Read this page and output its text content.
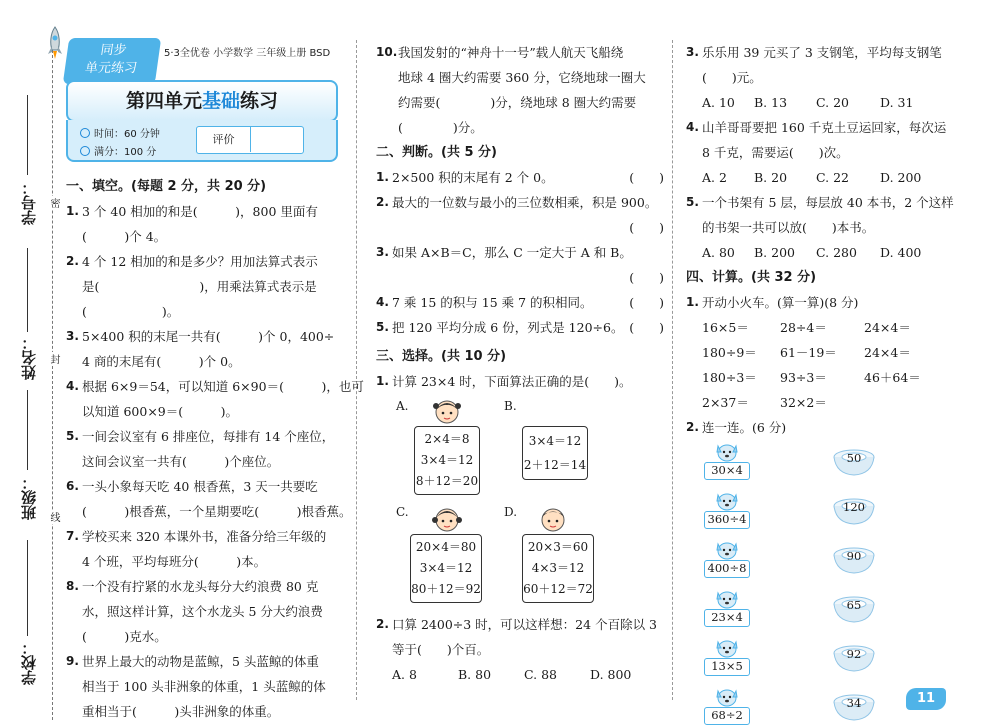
学号：
姓名：
班级：
学校：
密
封
线
同步
单元练习
5·3全优卷 小学数学 三年级上册 BSD
第四单元基础练习
时间：60 分钟
满分：100 分
评价
一、填空。(每题 2 分，共 20 分)
1. 3 个 40 相加的和是(　　　)，800 里面有
(　　　)个 4。
2. 4 个 12 相加的和是多少？用加法算式表示
是(　　　　　　　　)，用乘法算式表示是
(　　　　　　)。
3. 5×400 积的末尾一共有(　　　)个 0，400÷
4 商的末尾有(　　　)个 0。
4. 根据 6×9＝54，可以知道 6×90＝(　　　)，也可
以知道 600×9＝(　　　)。
5. 一间会议室有 6 排座位，每排有 14 个座位，
这间会议室一共有(　　　)个座位。
6. 一头小象每天吃 40 根香蕉，3 天一共要吃
(　　　)根香蕉，一个星期要吃(　　　)根香蕉。
7. 学校买来 320 本课外书，准备分给三年级的
4 个班，平均每班分(　　　)本。
8. 一个没有拧紧的水龙头每分大约浪费 80 克
水，照这样计算，这个水龙头 5 分大约浪费
(　　　)克水。
9. 世界上最大的动物是蓝鲸，5 头蓝鲸的体重
相当于 100 头非洲象的体重，1 头蓝鲸的体
重相当于(　　　)头非洲象的体重。
10. 我国发射的“神舟十一号”载人航天飞船绕
地球 4 圈大约需要 360 分，它绕地球一圈大
约需要(　　　　)分，绕地球 8 圈大约需要
(　　　　)分。
二、判断。(共 5 分)
1. 2×500 积的末尾有 2 个 0。	(　　)
2. 最大的一位数与最小的三位数相乘，积是 900。
(　　)
3. 如果 A×B＝C，那么 C 一定大于 A 和 B。
(　　)
4. 7 乘 15 的积与 15 乘 7 的积相同。	(　　)
5. 把 120 平均分成 6 份，列式是 120÷6。 (　　)
三、选择。(共 10 分)
1. 计算 23×4 时，下面算法正确的是(　　)。
A.
2×4＝8
3×4＝12
8＋12＝20
B.
3×4＝12
2＋12＝14
C.
20×4＝80
3×4＝12
80＋12＝92
D.
20×3＝60
4×3＝12
60＋12＝72
2. 口算 2400÷3 时，可以这样想：24 个百除以 3
等于(　　)个百。
A. 8	B. 80	C. 88	D. 800
3. 乐乐用 39 元买了 3 支钢笔，平均每支钢笔
(　　)元。
A. 10 B. 13 C. 20 D. 31
4. 山羊哥哥要把 160 千克土豆运回家，每次运
8 千克，需要运(　　)次。
A. 2 B. 20 C. 22 D. 200
5. 一个书架有 5 层，每层放 40 本书，2 个这样
的书架一共可以放(　　)本书。
A. 80 B. 200 C. 280 D. 400
四、计算。(共 32 分)
1. 开动小火车。(算一算)(8 分)
16×5＝	28÷4＝	24×4＝
180÷9＝	61－19＝	24×4＝
180÷3＝	93÷3＝	46＋64＝
2×37＝	32×2＝
2. 连一连。(6 分)
30×4
50
360÷4
120
400÷8
90
23×4
65
13×5
92
68÷2
34	11
